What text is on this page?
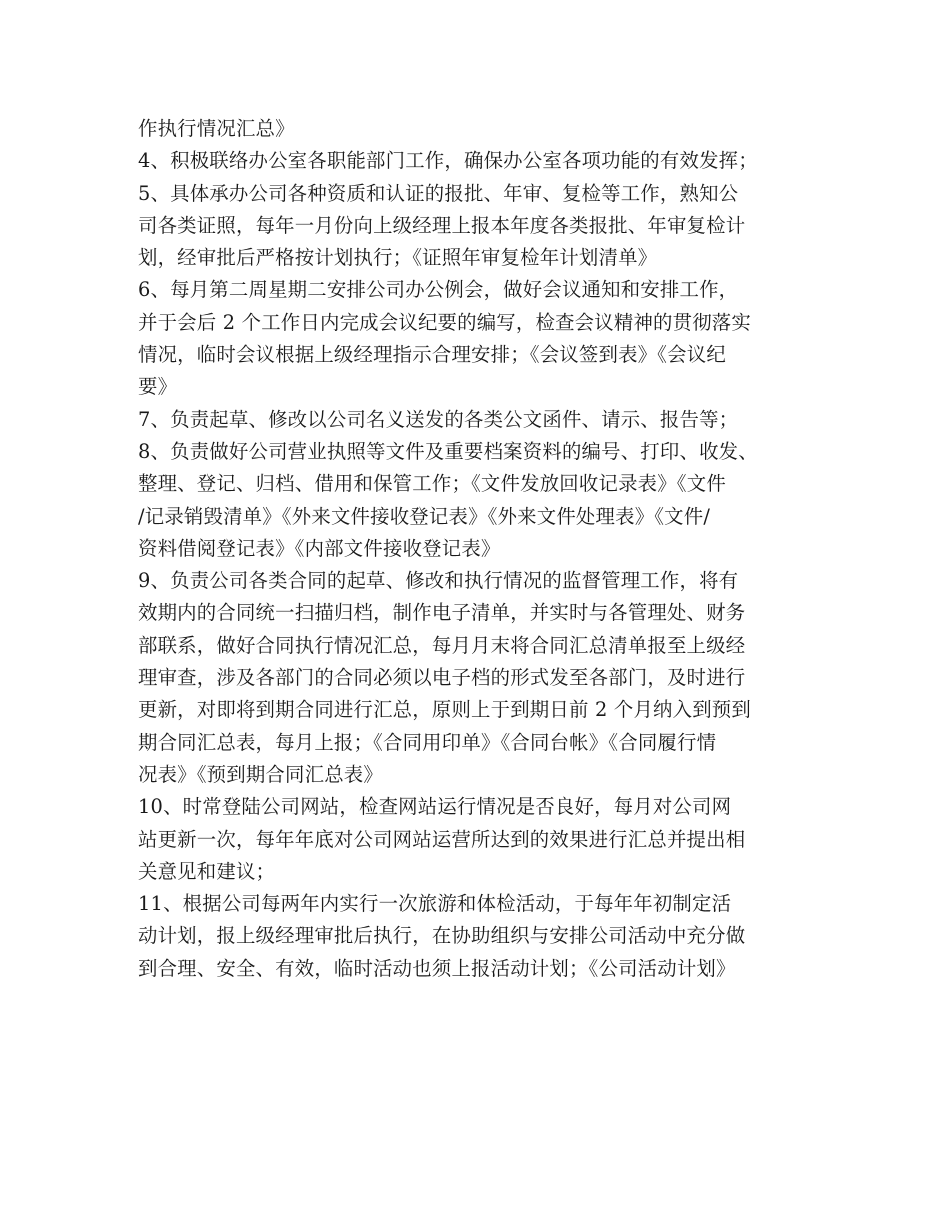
作执行情况汇总》
4、积极联络办公室各职能部门工作，确保办公室各项功能的有效发挥；
5、具体承办公司各种资质和认证的报批、年审、复检等工作，熟知公
司各类证照，每年一月份向上级经理上报本年度各类报批、年审复检计
划，经审批后严格按计划执行；《证照年审复检年计划清单》
6、每月第二周星期二安排公司办公例会，做好会议通知和安排工作，
并于会后 2 个工作日内完成会议纪要的编写，检查会议精神的贯彻落实
情况，临时会议根据上级经理指示合理安排；《会议签到表》《会议纪
要》
7、负责起草、修改以公司名义送发的各类公文函件、请示、报告等；
8、负责做好公司营业执照等文件及重要档案资料的编号、打印、收发、
整理、登记、归档、借用和保管工作；《文件发放回收记录表》《文件
/记录销毁清单》《外来文件接收登记表》《外来文件处理表》《文件/
资料借阅登记表》《内部文件接收登记表》
9、负责公司各类合同的起草、修改和执行情况的监督管理工作，将有
效期内的合同统一扫描归档，制作电子清单，并实时与各管理处、财务
部联系，做好合同执行情况汇总，每月月末将合同汇总清单报至上级经
理审查，涉及各部门的合同必须以电子档的形式发至各部门，及时进行
更新，对即将到期合同进行汇总，原则上于到期日前 2 个月纳入到预到
期合同汇总表，每月上报；《合同用印单》《合同台帐》《合同履行情
况表》《预到期合同汇总表》
10、时常登陆公司网站，检查网站运行情况是否良好，每月对公司网
站更新一次，每年年底对公司网站运营所达到的效果进行汇总并提出相
关意见和建议；
11、根据公司每两年内实行一次旅游和体检活动，于每年年初制定活
动计划，报上级经理审批后执行，在协助组织与安排公司活动中充分做
到合理、安全、有效，临时活动也须上报活动计划；《公司活动计划》
